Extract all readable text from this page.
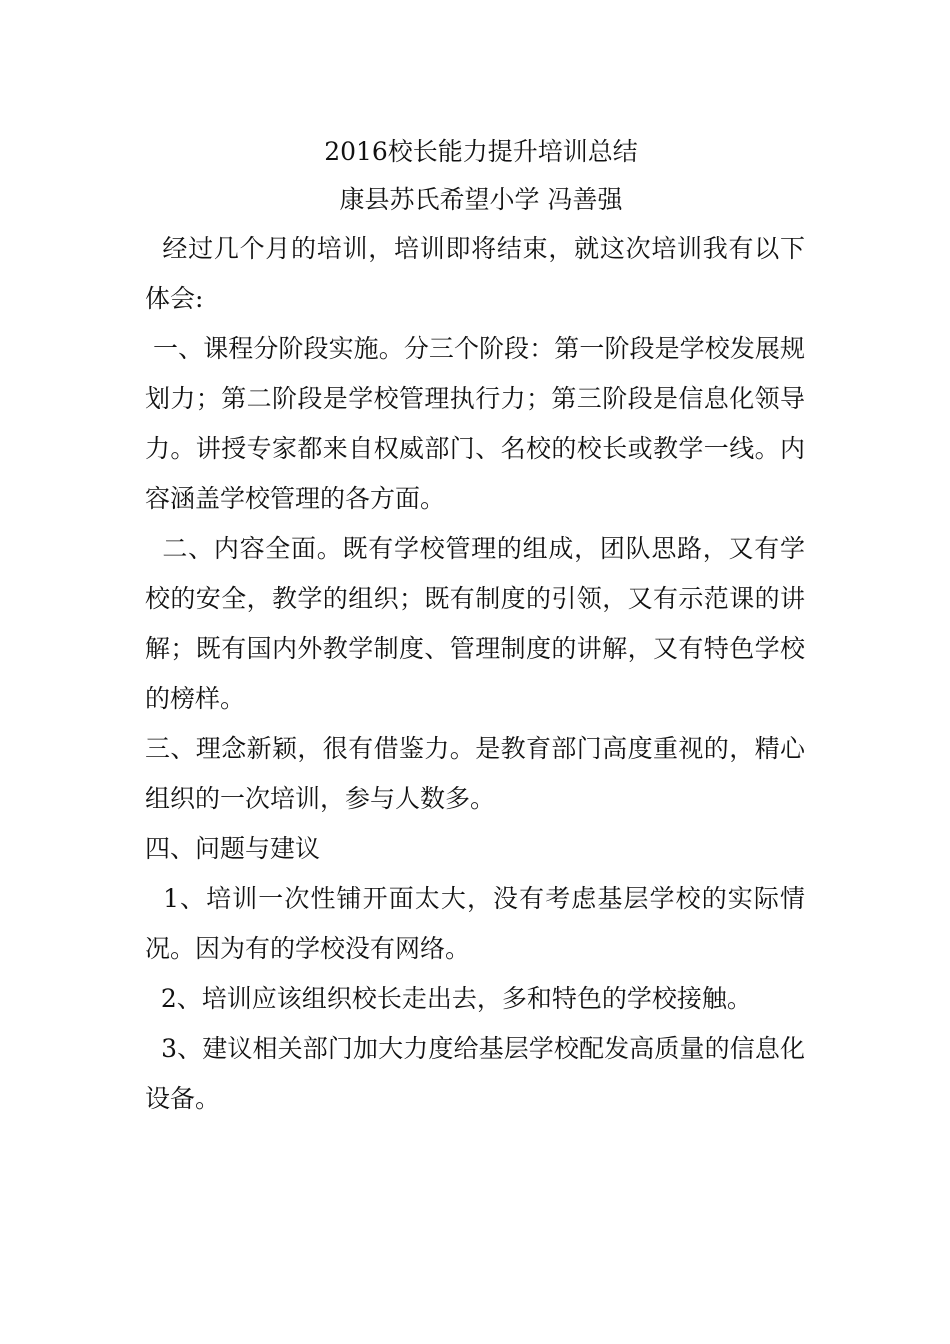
2016校长能力提升培训总结

康县苏氏希望小学 冯善强

经过几个月的培训，培训即将结束，就这次培训我有以下体会:

一、课程分阶段实施。分三个阶段：第一阶段是学校发展规划力；第二阶段是学校管理执行力；第三阶段是信息化领导力。讲授专家都来自权威部门、名校的校长或教学一线。内容涵盖学校管理的各方面。

二、内容全面。既有学校管理的组成，团队思路，又有学校的安全，教学的组织；既有制度的引领，又有示范课的讲解；既有国内外教学制度、管理制度的讲解，又有特色学校的榜样。

三、理念新颖，很有借鉴力。是教育部门高度重视的，精心组织的一次培训，参与人数多。

四、问题与建议

1、培训一次性铺开面太大，没有考虑基层学校的实际情况。因为有的学校没有网络。

2、培训应该组织校长走出去，多和特色的学校接触。

3、建议相关部门加大力度给基层学校配发高质量的信息化设备。
